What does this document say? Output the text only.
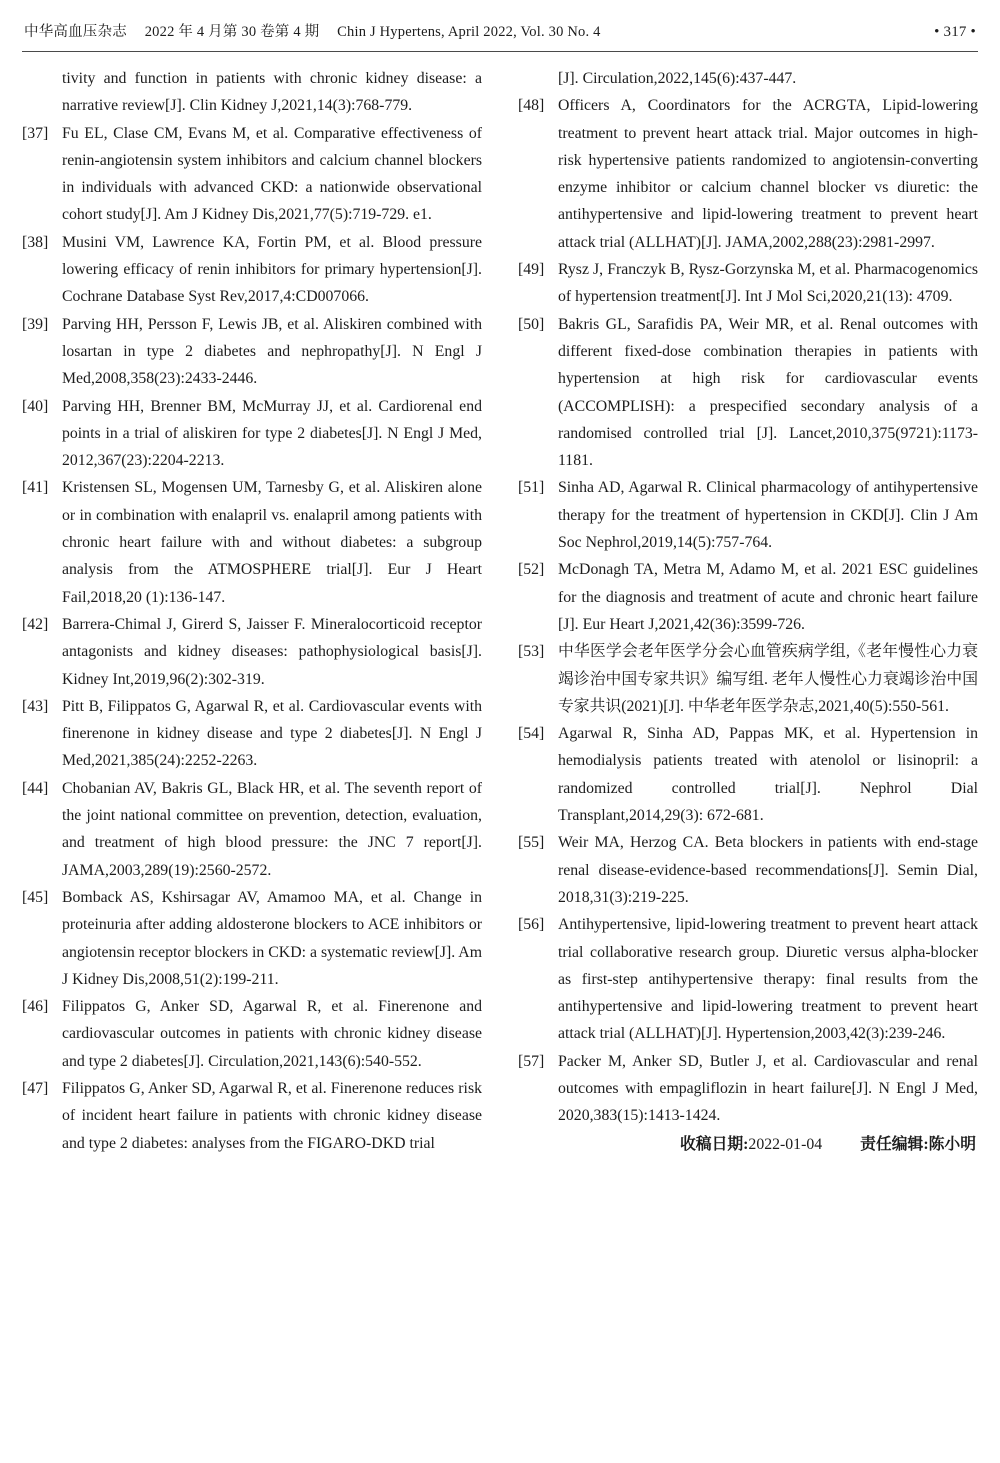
中华高血压杂志 2022 年 4 月第 30 卷第 4 期 Chin J Hypertens, April 2022, Vol. 30 No. 4	• 317 •
tivity and function in patients with chronic kidney disease: a narrative review[J]. Clin Kidney J,2021,14(3):768-779.
[37] Fu EL, Clase CM, Evans M, et al. Comparative effectiveness of renin-angiotensin system inhibitors and calcium channel blockers in individuals with advanced CKD: a nationwide observational cohort study[J]. Am J Kidney Dis,2021,77(5):719-729. e1.
[38] Musini VM, Lawrence KA, Fortin PM, et al. Blood pressure lowering efficacy of renin inhibitors for primary hypertension[J]. Cochrane Database Syst Rev,2017,4:CD007066.
[39] Parving HH, Persson F, Lewis JB, et al. Aliskiren combined with losartan in type 2 diabetes and nephropathy[J]. N Engl J Med,2008,358(23):2433-2446.
[40] Parving HH, Brenner BM, McMurray JJ, et al. Cardiorenal end points in a trial of aliskiren for type 2 diabetes[J]. N Engl J Med, 2012,367(23):2204-2213.
[41] Kristensen SL, Mogensen UM, Tarnesby G, et al. Aliskiren alone or in combination with enalapril vs. enalapril among patients with chronic heart failure with and without diabetes: a subgroup analysis from the ATMOSPHERE trial[J]. Eur J Heart Fail,2018,20 (1):136-147.
[42] Barrera-Chimal J, Girerd S, Jaisser F. Mineralocorticoid receptor antagonists and kidney diseases: pathophysiological basis[J]. Kidney Int,2019,96(2):302-319.
[43] Pitt B, Filippatos G, Agarwal R, et al. Cardiovascular events with finerenone in kidney disease and type 2 diabetes[J]. N Engl J Med,2021,385(24):2252-2263.
[44] Chobanian AV, Bakris GL, Black HR, et al. The seventh report of the joint national committee on prevention, detection, evaluation, and treatment of high blood pressure: the JNC 7 report[J]. JAMA,2003,289(19):2560-2572.
[45] Bomback AS, Kshirsagar AV, Amamoo MA, et al. Change in proteinuria after adding aldosterone blockers to ACE inhibitors or angiotensin receptor blockers in CKD: a systematic review[J]. Am J Kidney Dis,2008,51(2):199-211.
[46] Filippatos G, Anker SD, Agarwal R, et al. Finerenone and cardiovascular outcomes in patients with chronic kidney disease and type 2 diabetes[J]. Circulation,2021,143(6):540-552.
[47] Filippatos G, Anker SD, Agarwal R, et al. Finerenone reduces risk of incident heart failure in patients with chronic kidney disease and type 2 diabetes: analyses from the FIGARO-DKD trial
[J]. Circulation,2022,145(6):437-447.
[48] Officers A, Coordinators for the ACRGTA, Lipid-lowering treatment to prevent heart attack trial. Major outcomes in high-risk hypertensive patients randomized to angiotensin-converting enzyme inhibitor or calcium channel blocker vs diuretic: the antihypertensive and lipid-lowering treatment to prevent heart attack trial (ALLHAT)[J]. JAMA,2002,288(23):2981-2997.
[49] Rysz J, Franczyk B, Rysz-Gorzynska M, et al. Pharmacogenomics of hypertension treatment[J]. Int J Mol Sci,2020,21(13): 4709.
[50] Bakris GL, Sarafidis PA, Weir MR, et al. Renal outcomes with different fixed-dose combination therapies in patients with hypertension at high risk for cardiovascular events (ACCOMPLISH): a prespecified secondary analysis of a randomised controlled trial [J]. Lancet,2010,375(9721):1173-1181.
[51] Sinha AD, Agarwal R. Clinical pharmacology of antihypertensive therapy for the treatment of hypertension in CKD[J]. Clin J Am Soc Nephrol,2019,14(5):757-764.
[52] McDonagh TA, Metra M, Adamo M, et al. 2021 ESC guidelines for the diagnosis and treatment of acute and chronic heart failure [J]. Eur Heart J,2021,42(36):3599-726.
[53] 中华医学会老年医学分会心血管疾病学组,《老年慢性心力衰竭诊治中国专家共识》编写组. 老年人慢性心力衰竭诊治中国专家共识(2021)[J]. 中华老年医学杂志,2021,40(5):550-561.
[54] Agarwal R, Sinha AD, Pappas MK, et al. Hypertension in hemodialysis patients treated with atenolol or lisinopril: a randomized controlled trial[J]. Nephrol Dial Transplant,2014,29(3): 672-681.
[55] Weir MA, Herzog CA. Beta blockers in patients with end-stage renal disease-evidence-based recommendations[J]. Semin Dial, 2018,31(3):219-225.
[56] Antihypertensive, lipid-lowering treatment to prevent heart attack trial collaborative research group. Diuretic versus alpha-blocker as first-step antihypertensive therapy: final results from the antihypertensive and lipid-lowering treatment to prevent heart attack trial (ALLHAT)[J]. Hypertension,2003,42(3):239-246.
[57] Packer M, Anker SD, Butler J, et al. Cardiovascular and renal outcomes with empagliflozin in heart failure[J]. N Engl J Med, 2020,383(15):1413-1424.
收稿日期:2022-01-04 责任编辑:陈小明
